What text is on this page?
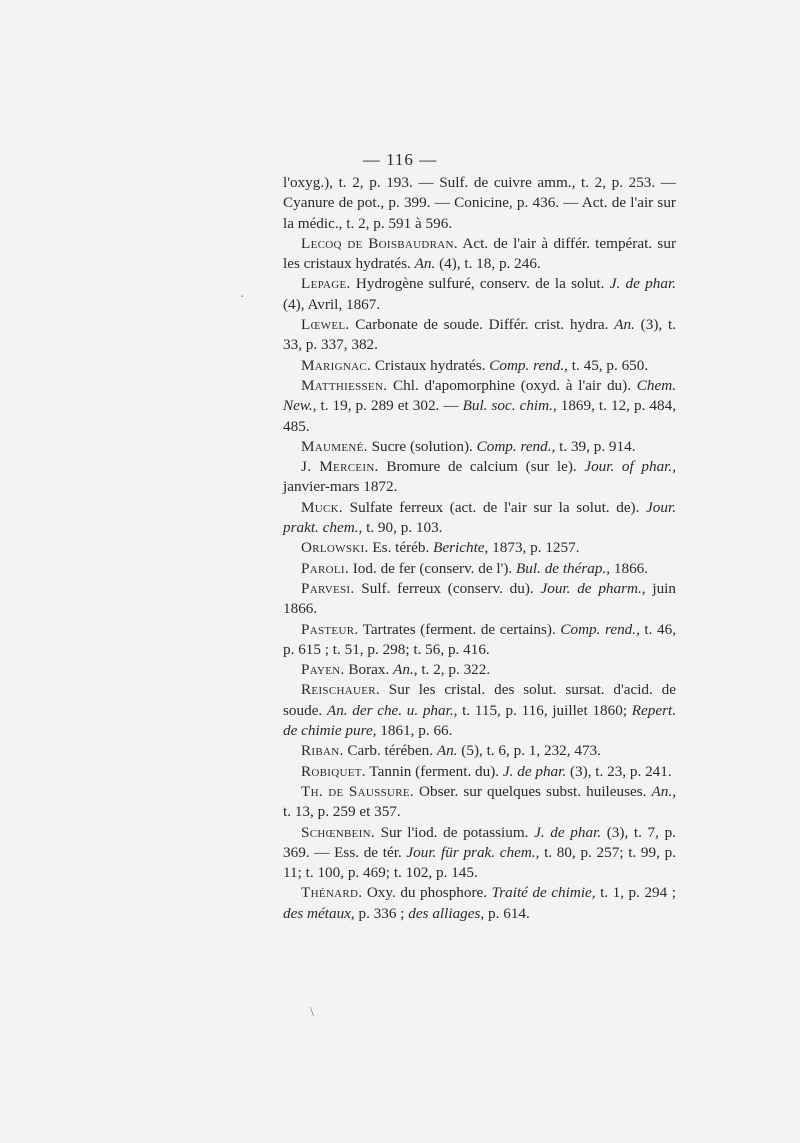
— 116 —

l'oxyg.), t. 2, p. 193. — Sulf. de cuivre amm., t. 2, p. 253. — Cyanure de pot., p. 399. — Conicine, p. 436. — Act. de l'air sur la médic., t. 2, p. 591 à 596.

Lecoq de Boisbaudran. Act. de l'air à différ. températ. sur les cristaux hydratés. An. (4), t. 18, p. 246.

Lepage. Hydrogène sulfuré, conserv. de la solut. J. de phar. (4), Avril, 1867.

Lœwel. Carbonate de soude. Différ. crist. hydra. An. (3), t. 33, p. 337, 382.

Marignac. Cristaux hydratés. Comp. rend., t. 45, p. 650.

Matthiessen. Chl. d'apomorphine (oxyd. à l'air du). Chem. New., t. 19, p. 289 et 302. — Bul. soc. chim., 1869, t. 12, p. 484, 485.

Maumené. Sucre (solution). Comp. rend., t. 39, p. 914.

J. Mercein. Bromure de calcium (sur le). Jour. of phar., janvier-mars 1872.

Muck. Sulfate ferreux (act. de l'air sur la solut. de). Jour. prakt. chem., t. 90, p. 103.

Orlowski. Es. téréb. Berichte, 1873, p. 1257.

Paroli. Iod. de fer (conserv. de l'). Bul. de thérap., 1866.

Parvesi. Sulf. ferreux (conserv. du). Jour. de pharm., juin 1866.

Pasteur. Tartrates (ferment. de certains). Comp. rend., t. 46, p. 615 ; t. 51, p. 298; t. 56, p. 416.

Payen. Borax. An., t. 2, p. 322.

Reischauer. Sur les cristal. des solut. sursat. d'acid. de soude. An. der che. u. phar., t. 115, p. 116, juillet 1860; Repert. de chimie pure, 1861, p. 66.

Riban. Carb. térében. An. (5), t. 6, p. 1, 232, 473.

Robiquet. Tannin (ferment. du). J. de phar. (3), t. 23, p. 241.

Th. de Saussure. Obser. sur quelques subst. huileuses. An., t. 13, p. 259 et 357.

Schœnbein. Sur l'iod. de potassium. J. de phar. (3), t. 7, p. 369. — Ess. de tér. Jour. für prak. chem., t. 80, p. 257; t. 99, p. 11; t. 100, p. 469; t. 102, p. 145.

Thénard. Oxy. du phosphore. Traité de chimie, t. 1, p. 294 ; des métaux, p. 336 ; des alliages, p. 614.

·
\
